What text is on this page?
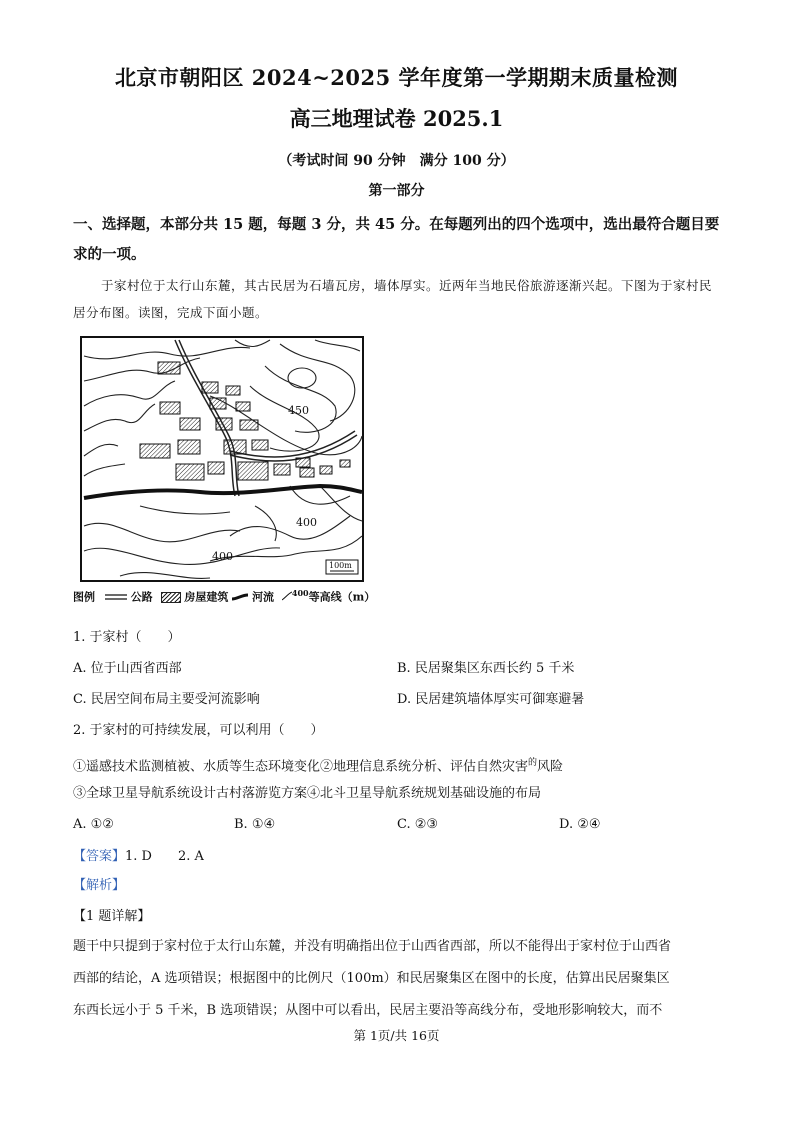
北京市朝阳区 2024~2025 学年度第一学期期末质量检测
高三地理试卷 2025.1
（考试时间 90 分钟　满分 100 分）
第一部分
一、选择题，本部分共 15 题，每题 3 分，共 45 分。在每题列出的四个选项中，选出最符合题目要求的一项。
于家村位于太行山东麓，其古民居为石墙瓦房，墙体厚实。近两年当地民俗旅游逐渐兴起。下图为于家村民居分布图。读图，完成下面小题。
450
400
400
100m
图例	公路	房屋建筑 河流 $^{400}$等高线（m）
1. 于家村（　　）
A. 位于山西省西部	B. 民居聚集区东西长约 5 千米
C. 民居空间布局主要受河流影响	D. 民居建筑墙体厚实可御寒避暑
2. 于家村的可持续发展，可以利用（　　）
①遥感技术监测植被、水质等生态环境变化②地理信息系统分析、评估自然灾害$^的$风险
③全球卫星导航系统设计古村落游览方案④北斗卫星导航系统规划基础设施的布局
A. ①②	B. ①④	C. ②③	D. ②④
【答案】1. D　　2. A
【解析】
【1 题详解】
题干中只提到于家村位于太行山东麓，并没有明确指出位于山西省西部，所以不能得出于家村位于山西省
西部的结论，A 选项错误；根据图中的比例尺（100m）和民居聚集区在图中的长度，估算出民居聚集区
东西长远小于 5 千米，B 选项错误；从图中可以看出，民居主要沿等高线分布，受地形影响较大，而不
第 1页/共 16页
